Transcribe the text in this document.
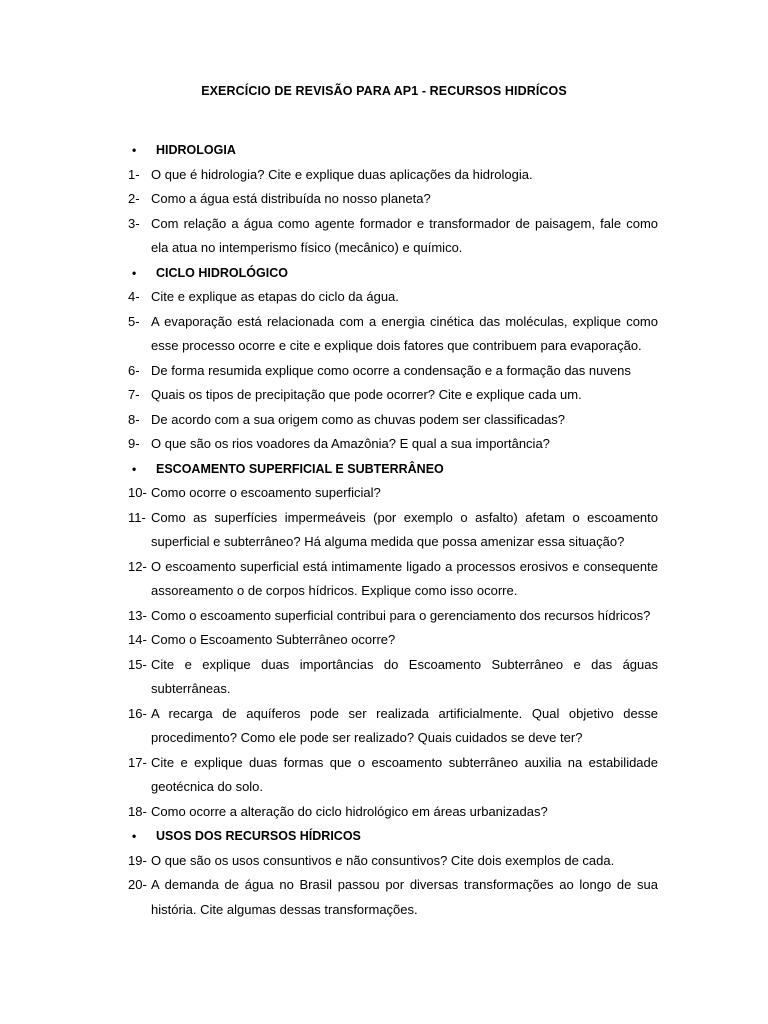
EXERCÍCIO DE REVISÃO PARA AP1 - RECURSOS HIDRÍCOS
•	HIDROLOGIA
1- O que é hidrologia? Cite e explique duas aplicações da hidrologia.
2- Como a água está distribuída no nosso planeta?
3- Com relação a água como agente formador e transformador de paisagem, fale como ela atua no intemperismo físico (mecânico) e químico.
•	CICLO HIDROLÓGICO
4- Cite e explique as etapas do ciclo da água.
5- A evaporação está relacionada com a energia cinética das moléculas, explique como esse processo ocorre e cite e explique dois fatores que contribuem para evaporação.
6- De forma resumida explique como ocorre a condensação e a formação das nuvens
7- Quais os tipos de precipitação que pode ocorrer? Cite e explique cada um.
8- De acordo com a sua origem como as chuvas podem ser classificadas?
9- O que são os rios voadores da Amazônia? E qual a sua importância?
•	ESCOAMENTO SUPERFICIAL E SUBTERRÂNEO
10- Como ocorre o escoamento superficial?
11- Como as superfícies impermeáveis (por exemplo o asfalto) afetam o escoamento superficial e subterrâneo? Há alguma medida que possa amenizar essa situação?
12- O escoamento superficial está intimamente ligado a processos erosivos e consequente assoreamento o de corpos hídricos. Explique como isso ocorre.
13- Como o escoamento superficial contribui para o gerenciamento dos recursos hídricos?
14- Como o Escoamento Subterrâneo ocorre?
15- Cite e explique duas importâncias do Escoamento Subterrâneo e das águas subterrâneas.
16- A recarga de aquíferos pode ser realizada artificialmente. Qual objetivo desse procedimento? Como ele pode ser realizado? Quais cuidados se deve ter?
17- Cite e explique duas formas que o escoamento subterrâneo auxilia na estabilidade geotécnica do solo.
18- Como ocorre a alteração do ciclo hidrológico em áreas urbanizadas?
•	USOS DOS RECURSOS HÍDRICOS
19- O que são os usos consuntivos e não consuntivos? Cite dois exemplos de cada.
20- A demanda de água no Brasil passou por diversas transformações ao longo de sua história. Cite algumas dessas transformações.
